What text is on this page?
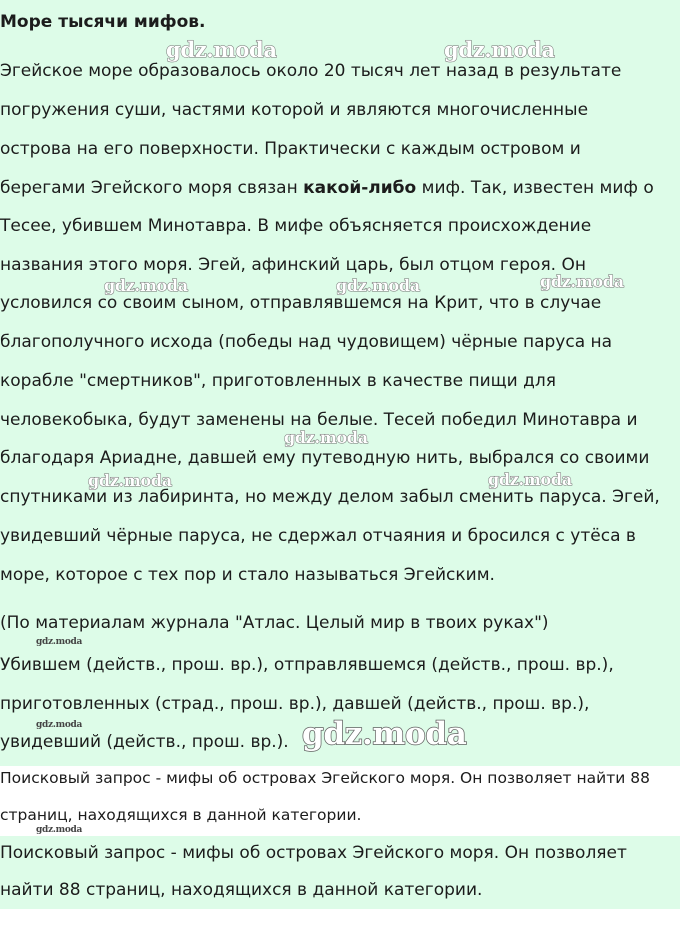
Море тысячи мифов.
Эгейское море образовалось около 20 тысяч лет назад в результате
погружения суши, частями которой и являются многочисленные
острова на его поверхности. Практически с каждым островом и
берегами Эгейского моря связан какой-либо миф. Так, известен миф о
Тесее, убившем Минотавра. В мифе объясняется происхождение
названия этого моря. Эгей, афинский царь, был отцом героя. Он
условился со своим сыном, отправлявшемся на Крит, что в случае
благополучного исхода (победы над чудовищем) чёрные паруса на
корабле "смертников", приготовленных в качестве пищи для
человекобыка, будут заменены на белые. Тесей победил Минотавра и
благодаря Ариадне, давшей ему путеводную нить, выбрался со своими
спутниками из лабиринта, но между делом забыл сменить паруса. Эгей,
увидевший чёрные паруса, не сдержал отчаяния и бросился с утёса в
море, которое с тех пор и стало называться Эгейским.
(По материалам журнала "Атлас. Целый мир в твоих руках")
Убившем (действ., прош. вр.), отправлявшемся (действ., прош. вр.),
приготовленных (страд., прош. вр.), давшей (действ., прош. вр.),
увидевший (действ., прош. вр.).
Поисковый запрос - мифы об островах Эгейского моря. Он позволяет найти 88
страниц, находящихся в данной категории.
Поисковый запрос - мифы об островах Эгейского моря. Он позволяет
найти 88 страниц, находящихся в данной категории.
gdz.moda	gdz.moda
gdz.moda	gdz.moda	gdz.moda
gdz.moda
gdz.moda	gdz.moda
gdz.moda
gdz.moda	gdz.moda
gdz.moda
